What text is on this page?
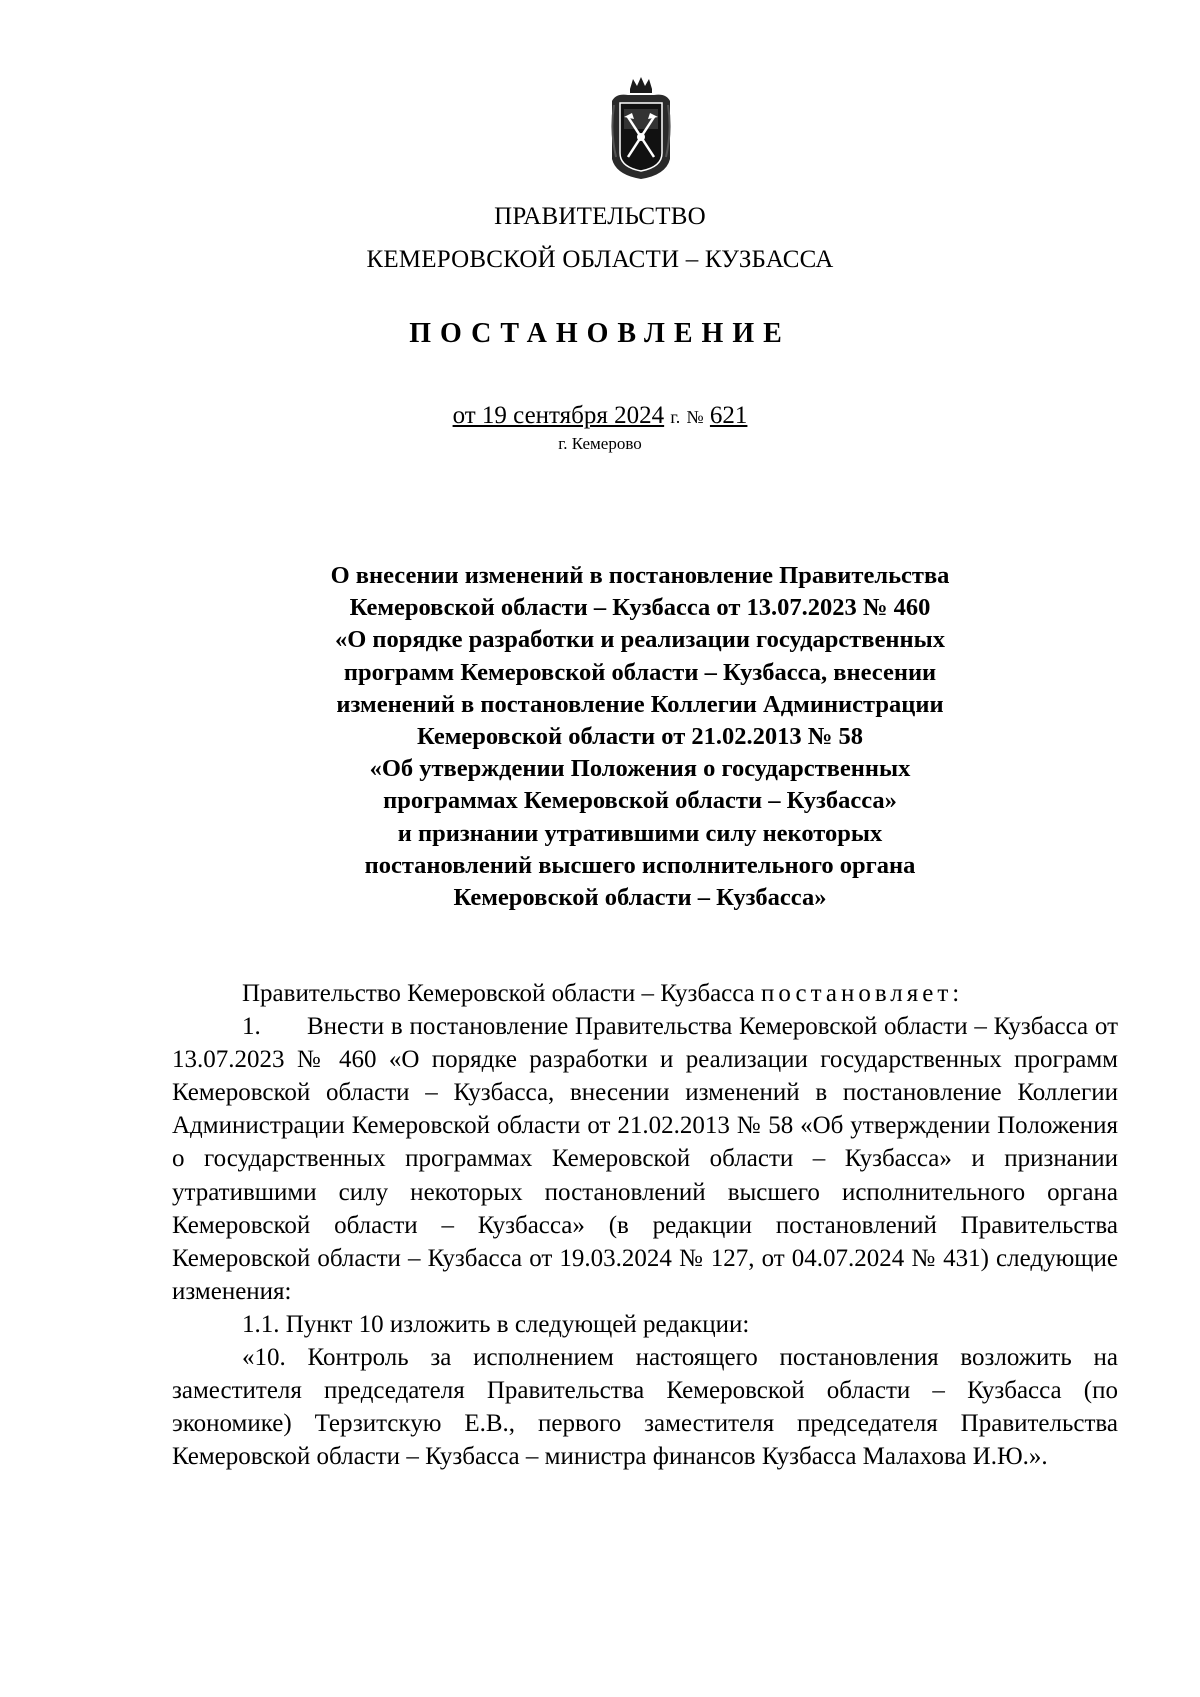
ПРАВИТЕЛЬСТВО
КЕМЕРОВСКОЙ ОБЛАСТИ – КУЗБАССА
ПОСТАНОВЛЕНИЕ
от 19 сентября 2024 г. № 621
г. Кемерово
О внесении изменений в постановление Правительства
Кемеровской области – Кузбасса от 13.07.2023 № 460
«О порядке разработки и реализации государственных
программ Кемеровской области – Кузбасса, внесении
изменений в постановление Коллегии Администрации
Кемеровской области от 21.02.2013 № 58
«Об утверждении Положения о государственных
программах Кемеровской области – Кузбасса»
и признании утратившими силу некоторых
постановлений высшего исполнительного органа
Кемеровской области – Кузбасса»

Правительство Кемеровской области – Кузбасса постановляет:

1. Внести в постановление Правительства Кемеровской области – Кузбасса от 13.07.2023 № 460 «О порядке разработки и реализации государственных программ Кемеровской области – Кузбасса, внесении изменений в постановление Коллегии Администрации Кемеровской области от 21.02.2013 № 58 «Об утверждении Положения о государственных программах Кемеровской области – Кузбасса» и признании утратившими силу некоторых постановлений высшего исполнительного органа Кемеровской области – Кузбасса» (в редакции постановлений Правительства Кемеровской области – Кузбасса от 19.03.2024 № 127, от 04.07.2024 № 431) следующие изменения:

1.1. Пункт 10 изложить в следующей редакции:

«10. Контроль за исполнением настоящего постановления возложить на заместителя председателя Правительства Кемеровской области – Кузбасса (по экономике) Терзитскую Е.В., первого заместителя председателя Правительства Кемеровской области – Кузбасса – министра финансов Кузбасса Малахова И.Ю.».
